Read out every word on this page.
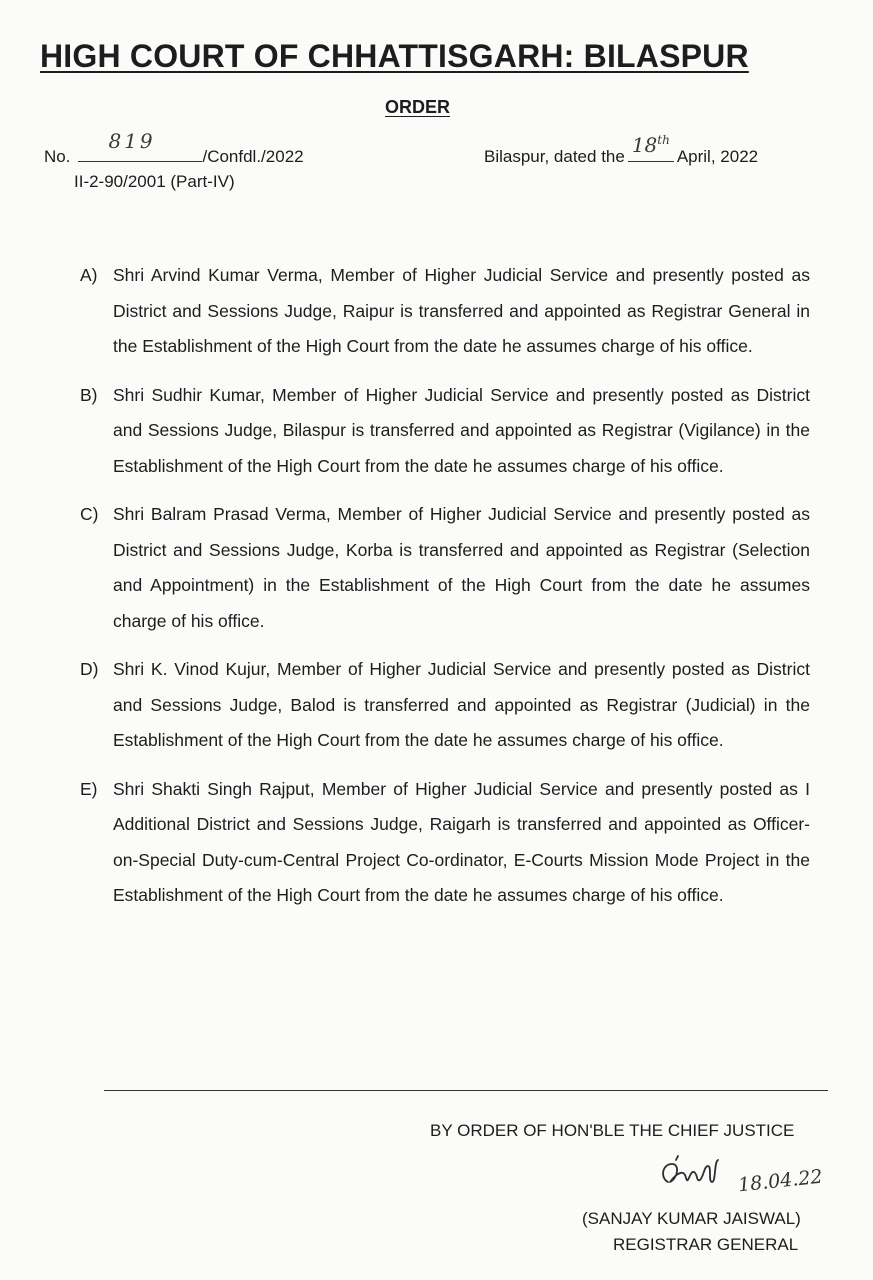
HIGH COURT OF CHHATTISGARH: BILASPUR
ORDER
No.
819
/Confdl./2022
II-2-90/2001 (Part-IV)
Bilaspur, dated the 18th
April, 2022
A) Shri Arvind Kumar Verma, Member of Higher Judicial Service and presently posted as District and Sessions Judge, Raipur is transferred and appointed as Registrar General in the Establishment of the High Court from the date he assumes charge of his office.
B) Shri Sudhir Kumar, Member of Higher Judicial Service and presently posted as District and Sessions Judge, Bilaspur is transferred and appointed as Registrar (Vigilance) in the Establishment of the High Court from the date he assumes charge of his office.
C) Shri Balram Prasad Verma, Member of Higher Judicial Service and presently posted as District and Sessions Judge, Korba is transferred and appointed as Registrar (Selection and Appointment) in the Establishment of the High Court from the date he assumes charge of his office.
D) Shri K. Vinod Kujur, Member of Higher Judicial Service and presently posted as District and Sessions Judge, Balod is transferred and appointed as Registrar (Judicial) in the Establishment of the High Court from the date he assumes charge of his office.
E) Shri Shakti Singh Rajput, Member of Higher Judicial Service and presently posted as I Additional District and Sessions Judge, Raigarh is transferred and appointed as Officer-on-Special Duty-cum-Central Project Co-ordinator, E-Courts Mission Mode Project in the Establishment of the High Court from the date he assumes charge of his office.
BY ORDER OF HON'BLE THE CHIEF JUSTICE
18.04.22
(SANJAY KUMAR JAISWAL)
REGISTRAR GENERAL
